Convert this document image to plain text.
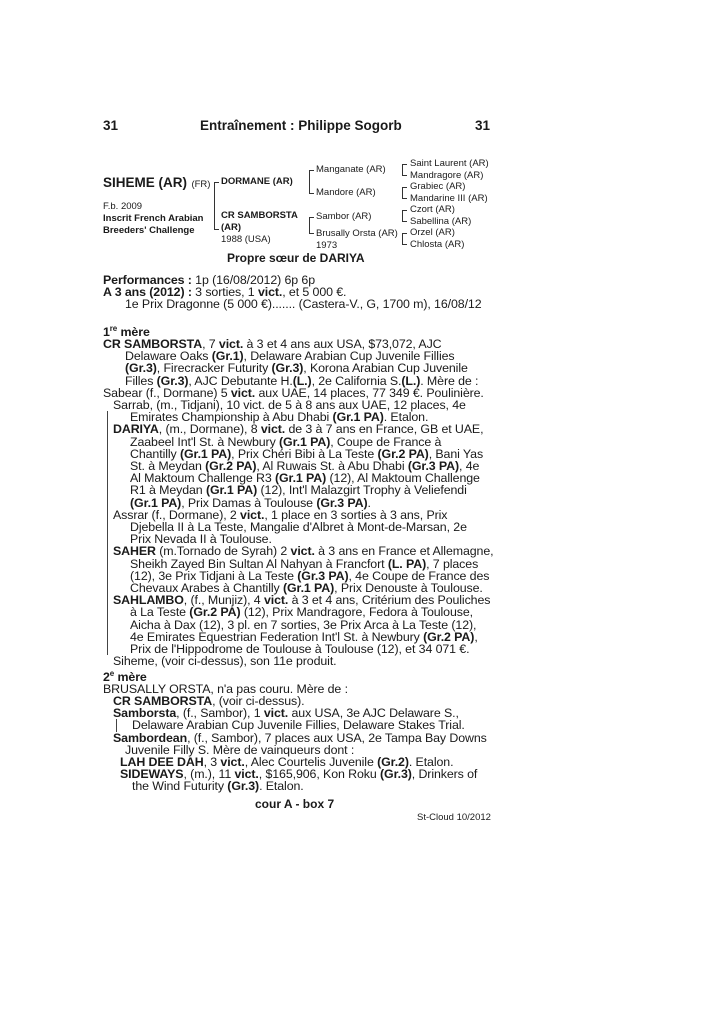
31	Entraînement : Philippe Sogorb	31
SIHEME (AR) (FR)
F.b. 2009
Inscrit French Arabian
Breeders' Challenge
DORMANE (AR)
CR SAMBORSTA
(AR)
1988 (USA)
Manganate (AR)
Mandore (AR)
Sambor (AR)
Brusally Orsta (AR)
1973
Saint Laurent (AR)
Mandragore (AR)
Grabiec (AR)
Mandarine III (AR)
Czort (AR)
Sabellina (AR)
Orzel (AR)
Chlosta (AR)
Propre sœur de DARIYA

Performances : 1p (16/08/2012) 6p 6p

A 3 ans (2012) : 3 sorties, 1 vict., et 5 000 €.

1e Prix Dragonne (5 000 €)....... (Castera-V., G, 1700 m), 16/08/12

1re mère

CR SAMBORSTA, 7 vict. à 3 et 4 ans aux USA, $73,072, AJC

Delaware Oaks (Gr.1), Delaware Arabian Cup Juvenile Fillies

(Gr.3), Firecracker Futurity (Gr.3), Korona Arabian Cup Juvenile

Filles (Gr.3), AJC Debutante H.(L.), 2e California S.(L.). Mère de :

Sabear (f., Dormane) 5 vict. aux UAE, 14 places, 77 349 €. Poulinière.

Sarrab, (m., Tidjani), 10 vict. de 5 à 8 ans aux UAE, 12 places, 4e

Emirates Championship à Abu Dhabi (Gr.1 PA). Etalon.

DARIYA, (m., Dormane), 8 vict. de 3 à 7 ans en France, GB et UAE,

Zaabeel Int'l St. à Newbury (Gr.1 PA), Coupe de France à

Chantilly (Gr.1 PA), Prix Chéri Bibi à La Teste (Gr.2 PA), Bani Yas

St. à Meydan (Gr.2 PA), Al Ruwais St. à Abu Dhabi (Gr.3 PA), 4e

Al Maktoum Challenge R3 (Gr.1 PA) (12), Al Maktoum Challenge

R1 à Meydan (Gr.1 PA) (12), Int'l Malazgirt Trophy à Veliefendi

(Gr.1 PA), Prix Damas à Toulouse (Gr.3 PA).

Assrar (f., Dormane), 2 vict., 1 place en 3 sorties à 3 ans, Prix

Djebella II à La Teste, Mangalie d'Albret à Mont-de-Marsan, 2e

Prix Nevada II à Toulouse.

SAHER (m.Tornado de Syrah) 2 vict. à 3 ans en France et Allemagne,

Sheikh Zayed Bin Sultan Al Nahyan à Francfort (L. PA), 7 places

(12), 3e Prix Tidjani à La Teste (Gr.3 PA), 4e Coupe de France des

Chevaux Arabes à Chantilly (Gr.1 PA), Prix Denouste à Toulouse.

SAHLAMBO, (f., Munjiz), 4 vict. à 3 et 4 ans, Critérium des Pouliches

à La Teste (Gr.2 PA) (12), Prix Mandragore, Fedora à Toulouse,

Aicha à Dax (12), 3 pl. en 7 sorties, 3e Prix Arca à La Teste (12),

4e Emirates Equestrian Federation Int'l St. à Newbury (Gr.2 PA),

Prix de l'Hippodrome de Toulouse à Toulouse (12), et 34 071 €.

Siheme, (voir ci-dessus), son 11e produit.

2e mère

BRUSALLY ORSTA, n'a pas couru. Mère de :

CR SAMBORSTA, (voir ci-dessus).

Samborsta, (f., Sambor), 1 vict. aux USA, 3e AJC Delaware S.,

Delaware Arabian Cup Juvenile Fillies, Delaware Stakes Trial.

Sambordean, (f., Sambor), 7 places aux USA, 2e Tampa Bay Downs

Juvenile Filly S. Mère de vainqueurs dont :

LAH DEE DAH, 3 vict., Alec Courtelis Juvenile (Gr.2). Etalon.

SIDEWAYS, (m.), 11 vict., $165,906, Kon Roku (Gr.3), Drinkers of

the Wind Futurity (Gr.3). Etalon.

cour A - box 7
St-Cloud 10/2012
